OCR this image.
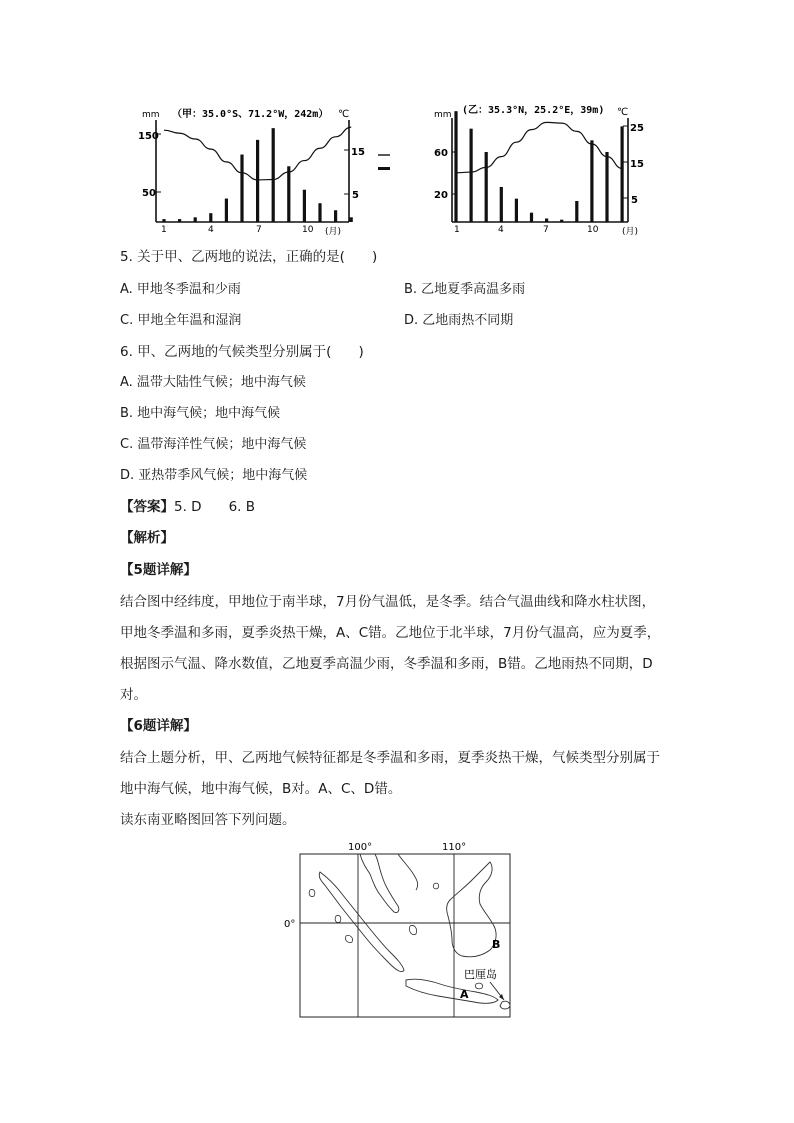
mm （甲：35.0°S、71.2°W，242m） ℃
150
50
15
5
1	4	7	10 (月)
mm (乙：35.3°N，25.2°E，39m) ℃
60
20
25
15
5
1	4	7	10	(月)
5. 关于甲、乙两地的说法，正确的是(　　)
A. 甲地冬季温和少雨	B. 乙地夏季高温多雨
C. 甲地全年温和湿润	D. 乙地雨热不同期
6. 甲、乙两地的气候类型分别属于(　　)
A. 温带大陆性气候；地中海气候
B. 地中海气候；地中海气候
C. 温带海洋性气候；地中海气候
D. 亚热带季风气候；地中海气候
【答案】5. D　　6. B
【解析】
【5题详解】
结合图中经纬度，甲地位于南半球，7月份气温低，是冬季。结合气温曲线和降水柱状图，
甲地冬季温和多雨，夏季炎热干燥，A、C错。乙地位于北半球，7月份气温高，应为夏季，
根据图示气温、降水数值，乙地夏季高温少雨，冬季温和多雨，B错。乙地雨热不同期，D
对。
【6题详解】
结合上题分析，甲、乙两地气候特征都是冬季温和多雨，夏季炎热干燥，气候类型分别属于
地中海气候，地中海气候，B对。A、C、D错。
读东南亚略图回答下列问题。
100°	110°
0°
B
A
巴厘岛
